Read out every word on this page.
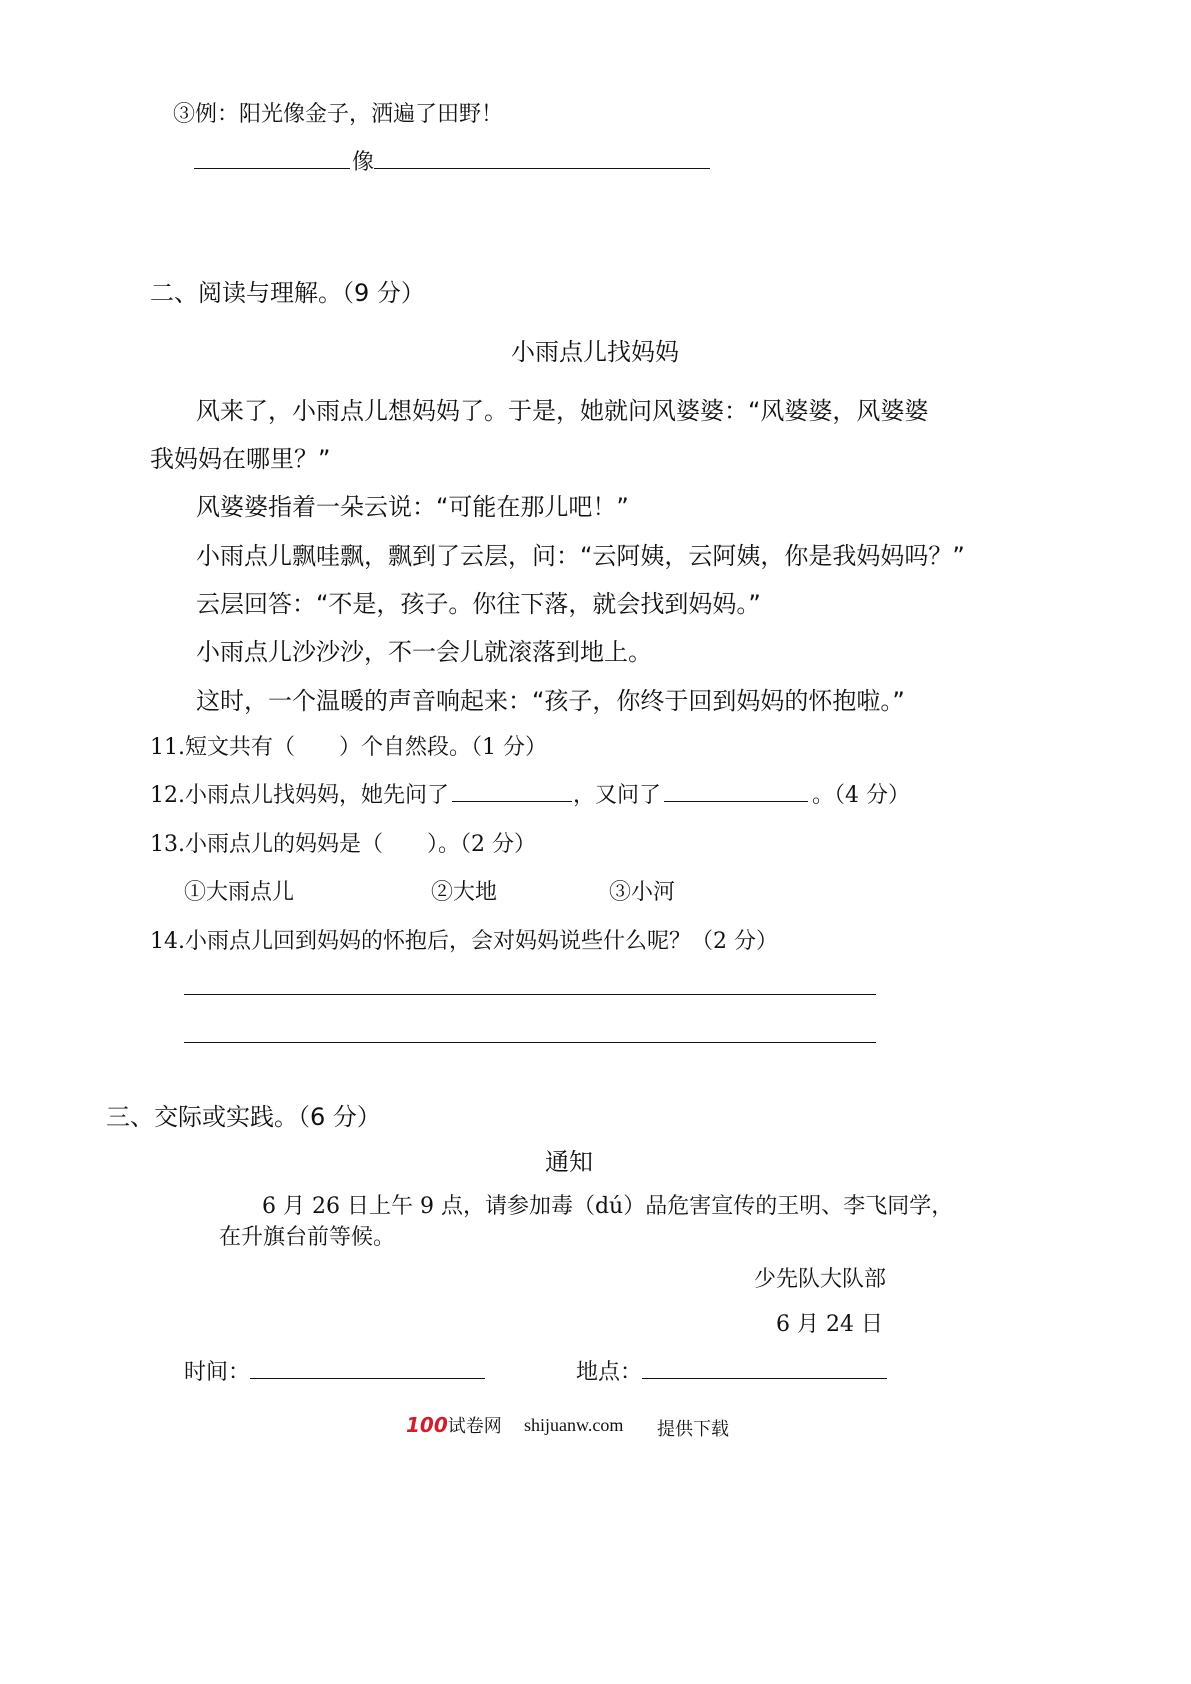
③例：阳光像金子，洒遍了田野！
像
二、阅读与理解。（9 分）
小雨点儿找妈妈
风来了，小雨点儿想妈妈了。于是，她就问风婆婆：“风婆婆，风婆婆
我妈妈在哪里？”
风婆婆指着一朵云说：“可能在那儿吧！”
小雨点儿飘哇飘，飘到了云层，问：“云阿姨，云阿姨，你是我妈妈吗？”
云层回答：“不是，孩子。你往下落，就会找到妈妈。”
小雨点儿沙沙沙，不一会儿就滚落到地上。
这时，一个温暖的声音响起来：“孩子，你终于回到妈妈的怀抱啦。”
11.短文共有（　　）个自然段。（1 分）
12.小雨点儿找妈妈，她先问了	，又问了	。（4 分）
13.小雨点儿的妈妈是（　　）。（2 分）
①大雨点儿	②大地	③小河
14.小雨点儿回到妈妈的怀抱后，会对妈妈说些什么呢？（2 分）
三、交际或实践。（6 分）
通知
6 月 26 日上午 9 点，请参加毒（dú）品危害宣传的王明、李飞同学，
在升旗台前等候。
少先队大队部
6 月 24 日
时间：	地点：
100试卷网 shijuanw.com 提供下载
